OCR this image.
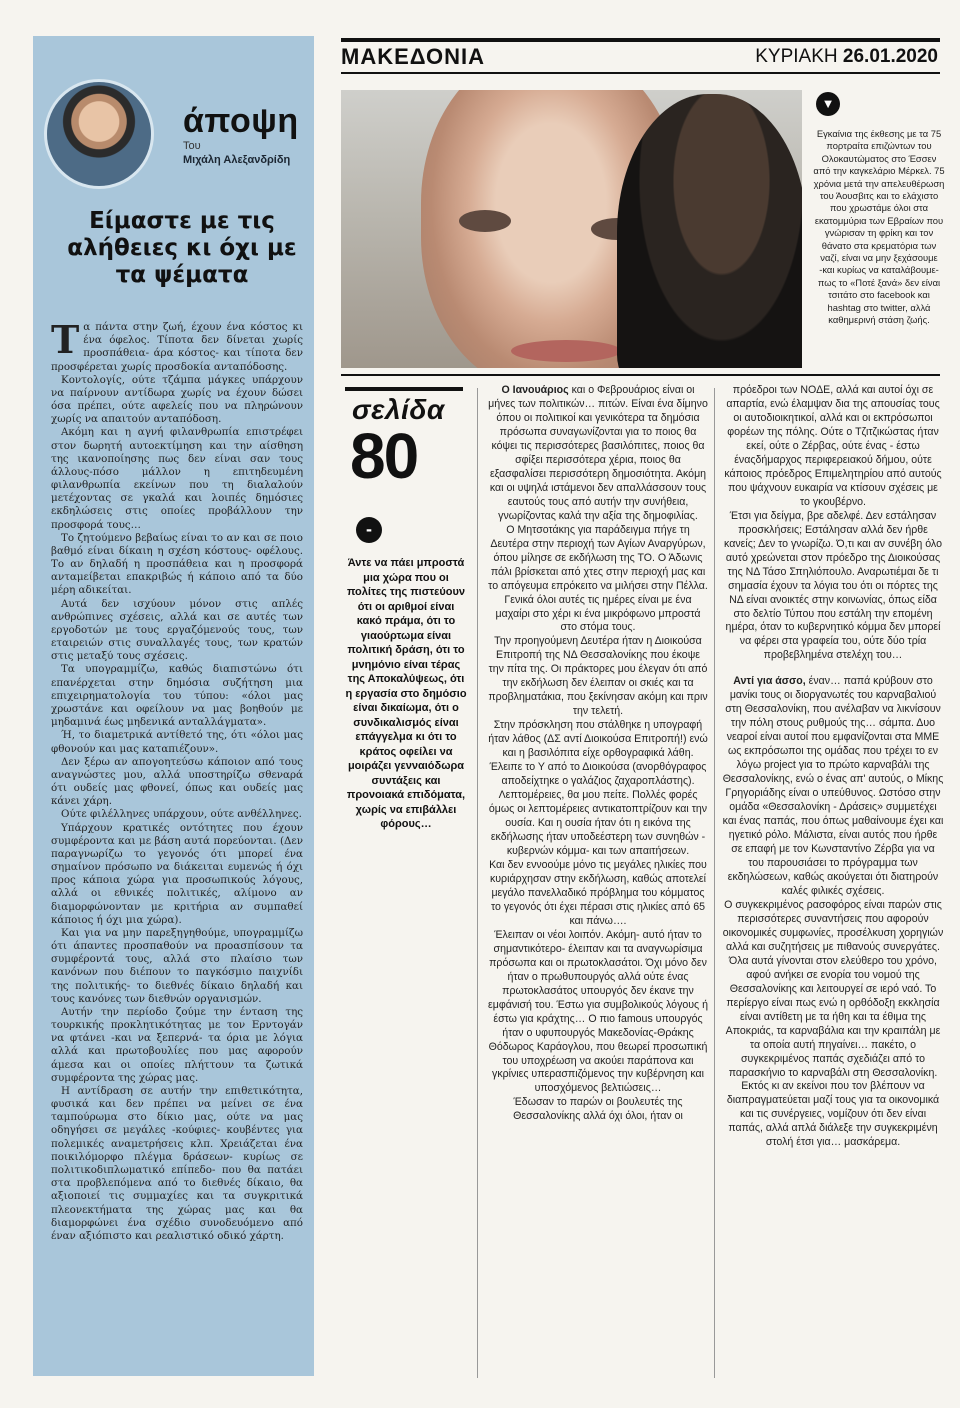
άποψη
Του
Μιχάλη Αλεξανδρίδη
Είμαστε με τις αλήθειες κι όχι με τα ψέματα

Τα πάντα στην ζωή, έχουν ένα κόστος κι ένα όφελος. Τίποτα δεν δίνεται χωρίς προσπάθεια- άρα κόστος- και τίποτα δεν προσφέρεται χωρίς προσδοκία ανταπόδοσης.

Κοντολογίς, ούτε τζάμπα μάγκες υπάρχουν να παίρνουν αντίδωρα χωρίς να έχουν δώσει όσα πρέπει, ούτε αφελείς που να πληρώνουν χωρίς να απαιτούν ανταπόδοση.

Ακόμη και η αγνή φιλανθρωπία επιστρέφει στον δωρητή αυτοεκτίμηση και την αίσθηση της ικανοποίησης πως δεν είναι σαν τους άλλους-πόσο μάλλον η επιτηδευμένη φιλανθρωπία εκείνων που τη διαλαλούν μετέχοντας σε γκαλά και λοιπές δημόσιες εκδηλώσεις στις οποίες προβάλλουν την προσφορά τους…

Το ζητούμενο βεβαίως είναι το αν και σε ποιο βαθμό είναι δίκαιη η σχέση κόστους- οφέλους. Το αν δηλαδή η προσπάθεια και η προσφορά ανταμείβεται επακριβώς ή κάποιο από τα δύο μέρη αδικείται.

Αυτά δεν ισχύουν μόνον στις απλές ανθρώπινες σχέσεις, αλλά και σε αυτές των εργοδοτών με τους εργαζόμενούς τους, των εταιρειών στις συναλλαγές τους, των κρατών στις μεταξύ τους σχέσεις.

Τα υπογραμμίζω, καθώς διαπιστώνω ότι επανέρχεται στην δημόσια συζήτηση μια επιχειρηματολογία του τύπου: «όλοι μας χρωστάνε και οφείλουν να μας βοηθούν με μηδαμινά έως μηδενικά ανταλλάγματα».

Ή, το διαμετρικά αντίθετό της, ότι «όλοι μας φθονούν και μας καταπιέζουν».

Δεν ξέρω αν απογοητεύσω κάποιον από τους αναγνώστες μου, αλλά υποστηρίζω σθεναρά ότι ουδείς μας φθονεί, όπως και ουδείς μας κάνει χάρη.

Ούτε φιλέλληνες υπάρχουν, ούτε ανθέλληνες.

Υπάρχουν κρατικές οντότητες που έχουν συμφέροντα και με βάση αυτά πορεύονται. (Δεν παραγνωρίζω το γεγονός ότι μπορεί ένα σημαίνον πρόσωπο να διάκειται ευμενώς ή όχι προς κάποια χώρα για προσωπικούς λόγους, αλλά οι εθνικές πολιτικές, αλίμονο αν διαμορφώνονταν με κριτήρια αν συμπαθεί κάποιος ή όχι μια χώρα).

Και για να μην παρεξηγηθούμε, υπογραμμίζω ότι άπαντες προσπαθούν να προασπίσουν τα συμφέροντά τους, αλλά στο πλαίσιο των κανόνων που διέπουν το παγκόσμιο παιχνίδι της πολιτικής- το διεθνές δίκαιο δηλαδή και τους κανόνες των διεθνών οργανισμών.

Αυτήν την περίοδο ζούμε την ένταση της τουρκικής προκλητικότητας με τον Ερντογάν να φτάνει -και να ξεπερνά- τα όρια με λόγια αλλά και πρωτοβουλίες που μας αφορούν άμεσα και οι οποίες πλήττουν τα ζωτικά συμφέροντα της χώρας μας.

Η αντίδραση σε αυτήν την επιθετικότητα, φυσικά και δεν πρέπει να μείνει σε ένα ταμπούρωμα στο δίκιο μας, ούτε να μας οδηγήσει σε μεγάλες -κούφιες- κουβέντες για πολεμικές αναμετρήσεις κλπ. Χρειάζεται ένα ποικιλόμορφο πλέγμα δράσεων- κυρίως σε πολιτικοδιπλωματικό επίπεδο- που θα πατάει στα προβλεπόμενα από το διεθνές δίκαιο, θα αξιοποιεί τις συμμαχίες και τα συγκριτικά πλεονεκτήματα της χώρας μας και θα διαμορφώνει ένα σχέδιο συνοδευόμενο από έναν αξιόπιστο και ρεαλιστικό οδικό χάρτη.

ΜΑΚΕΔΟΝΙΑ	ΚΥΡΙΑΚΗ 26.01.2020
▼
Εγκαίνια της έκθεσης με τα 75 πορτραίτα επιζώντων του Ολοκαυτώματος στο Έσσεν από την καγκελάριο Μέρκελ. 75 χρόνια μετά την απελευθέρωση του Άουσβιτς και το ελάχιστο που χρωστάμε όλοι στα εκατομμύρια των Εβραίων που γνώρισαν τη φρίκη και τον θάνατο στα κρεματόρια των ναζί, είναι να μην ξεχάσουμε -και κυρίως να καταλάβουμε- πως το «Ποτέ ξανά» δεν είναι τσιτάτο στο facebook και hashtag στο twitter, αλλά καθημερινή στάση ζωής.
σελίδα
80
-
Άντε να πάει μπροστά μια χώρα που οι πολίτες της πιστεύουν ότι οι αριθμοί είναι κακό πράμα, ότι το γιαούρτωμα είναι πολιτική δράση, ότι το μνημόνιο είναι τέρας της Αποκαλύψεως, ότι η εργασία στο δημόσιο είναι δικαίωμα, ότι ο συνδικαλισμός είναι επάγγελμα κι ότι το κράτος οφείλει να μοιράζει γενναιόδωρα συντάξεις και προνοιακά επιδόματα, χωρίς να επιβάλλει φόρους…

Ο Ιανουάριος και ο Φεβρουάριος είναι οι μήνες των πολιτικών… πιτών. Είναι ένα δίμηνο όπου οι πολιτικοί και γενικότερα τα δημόσια πρόσωπα συναγωνίζονται για το ποιος θα κόψει τις περισσότερες βασιλόπιτες, ποιος θα σφίξει περισσότερα χέρια, ποιος θα εξασφαλίσει περισσότερη δημοσιότητα. Ακόμη και οι υψηλά ιστάμενοι δεν απαλλάσσουν τους εαυτούς τους από αυτήν την συνήθεια, γνωρίζοντας καλά την αξία της δημοφιλίας.

Ο Μητσοτάκης για παράδειγμα πήγε τη Δευτέρα στην περιοχή των Αγίων Αναργύρων, όπου μίλησε σε εκδήλωση της ΤΟ. Ο Άδωνις πάλι βρίσκεται από χτες στην περιοχή μας και το απόγευμα επρόκειτο να μιλήσει στην Πέλλα. Γενικά όλοι αυτές τις ημέρες είναι με ένα μαχαίρι στο χέρι κι ένα μικρόφωνο μπροστά στο στόμα τους.

Την προηγούμενη Δευτέρα ήταν η Διοικούσα Επιτροπή της ΝΔ Θεσσαλονίκης που έκοψε την πίτα της. Οι πράκτορες μου έλεγαν ότι από την εκδήλωση δεν έλειπαν οι σκιές και τα προβληματάκια, που ξεκίνησαν ακόμη και πριν την τελετή.

Στην πρόσκληση που στάλθηκε η υπογραφή ήταν λάθος (ΔΣ αντί Διοικούσα Επιτροπή!) ενώ και η βασιλόπιτα είχε ορθογραφικά λάθη. Έλειπε το Υ από το Διοικούσα (ανορθόγραφος αποδείχτηκε ο γαλάζιος ζαχαροπλάστης).

Λεπτομέρειες, θα μου πείτε. Πολλές φορές όμως οι λεπτομέρειες αντικατοπτρίζουν και την ουσία. Και η ουσία ήταν ότι η εικόνα της εκδήλωσης ήταν υποδεέστερη των συνηθών - κυβερνών κόμμα- και των απαιτήσεων.

Και δεν εννοούμε μόνο τις μεγάλες ηλικίες που κυριάρχησαν στην εκδήλωση, καθώς αποτελεί μεγάλο πανελλαδικό πρόβλημα του κόμματος το γεγονός ότι έχει πέρασι στις ηλικίες από 65 και πάνω….

Έλειπαν οι νέοι λοιπόν. Ακόμη- αυτό ήταν το σημαντικότερο- έλειπαν και τα αναγνωρίσιμα πρόσωπα και οι πρωτοκλασάτοι. Όχι μόνο δεν ήταν ο πρωθυπουργός αλλά ούτε ένας πρωτοκλασάτος υπουργός δεν έκανε την εμφάνισή του. Έστω για συμβολικούς λόγους ή έστω για κράχτης… Ο πιο famous υπουργός ήταν ο υφυπουργός Μακεδονίας-Θράκης Θόδωρος Καράογλου, που θεωρεί προσωπική του υποχρέωση να ακούει παράπονα και γκρίνιες υπερασπιζόμενος την κυβέρνηση και υποσχόμενος βελτιώσεις…

Έδωσαν το παρών οι βουλευτές της Θεσσαλονίκης αλλά όχι όλοι, ήταν οι

πρόεδροι των ΝΟΔΕ, αλλά και αυτοί όχι σε απαρτία, ενώ έλαμψαν δια της απουσίας τους οι αυτοδιοικητικοί, αλλά και οι εκπρόσωποι φορέων της πόλης. Ούτε ο Τζιτζικώστας ήταν εκεί, ούτε ο Ζέρβας, ούτε ένας - έστω έναςδήμαρχος περιφερειακού δήμου, ούτε κάποιος πρόεδρος Επιμελητηρίου από αυτούς που ψάχνουν ευκαιρία να κτίσουν σχέσεις με το γκουβέρνο.

Έτσι για δείγμα, βρε αδελφέ. Δεν εστάλησαν προσκλήσεις; Εστάλησαν αλλά δεν ήρθε κανείς; Δεν το γνωρίζω. Ό,τι και αν συνέβη όλο αυτό χρεώνεται στον πρόεδρο της Διοικούσας της ΝΔ Τάσο Σπηλιόπουλο. Αναρωτιέμαι δε τι σημασία έχουν τα λόγια του ότι οι πόρτες της ΝΔ είναι ανοικτές στην κοινωνίας, όπως είδα στο δελτίο Τύπου που εστάλη την επομένη ημέρα, όταν το κυβερνητικό κόμμα δεν μπορεί να φέρει στα γραφεία του, ούτε δύο τρία προβεβλημένα στελέχη του…

Αντί για άσσο, έναν… παπά κρύβουν στο μανίκι τους οι διοργανωτές του καρναβαλιού στη Θεσσαλονίκη, που ανέλαβαν να λικνίσουν την πόλη στους ρυθμούς της… σάμπα. Δυο νεαροί είναι αυτοί που εμφανίζονται στα ΜΜΕ ως εκπρόσωποι της ομάδας που τρέχει το εν λόγω project για το πρώτο καρναβάλι της Θεσσαλονίκης, ενώ ο ένας απ' αυτούς, ο Μίκης Γρηγοριάδης είναι ο υπεύθυνος. Ωστόσο στην ομάδα «Θεσσαλονίκη - Δράσεις» συμμετέχει και ένας παπάς, που όπως μαθαίνουμε έχει και ηγετικό ρόλο. Μάλιστα, είναι αυτός που ήρθε σε επαφή με τον Κωνσταντίνο Ζέρβα για να του παρουσιάσει το πρόγραμμα των εκδηλώσεων, καθώς ακούγεται ότι διατηρούν καλές φιλικές σχέσεις.

Ο συγκεκριμένος ρασοφόρος είναι παρών στις περισσότερες συναντήσεις που αφορούν οικονομικές συμφωνίες, προσέλκυση χορηγιών αλλά και συζητήσεις με πιθανούς συνεργάτες.

Όλα αυτά γίνονται στον ελεύθερο του χρόνο, αφού ανήκει σε ενορία του νομού της Θεσσαλονίκης και λειτουργεί σε ιερό ναό. Το περίεργο είναι πως ενώ η ορθόδοξη εκκλησία είναι αντίθετη με τα ήθη και τα έθιμα της Αποκριάς, τα καρναβάλια και την κραιπάλη με τα οποία αυτή πηγαίνει… πακέτο, ο συγκεκριμένος παπάς σχεδιάζει από το παρασκήνιο το καρναβάλι στη Θεσσαλονίκη.

Εκτός κι αν εκείνοι που τον βλέπουν να διαπραγματεύεται μαζί τους για τα οικονομικά και τις συνέργειες, νομίζουν ότι δεν είναι παπάς, αλλά απλά διάλεξε την συγκεκριμένη στολή έτσι για… μασκάρεμα.
